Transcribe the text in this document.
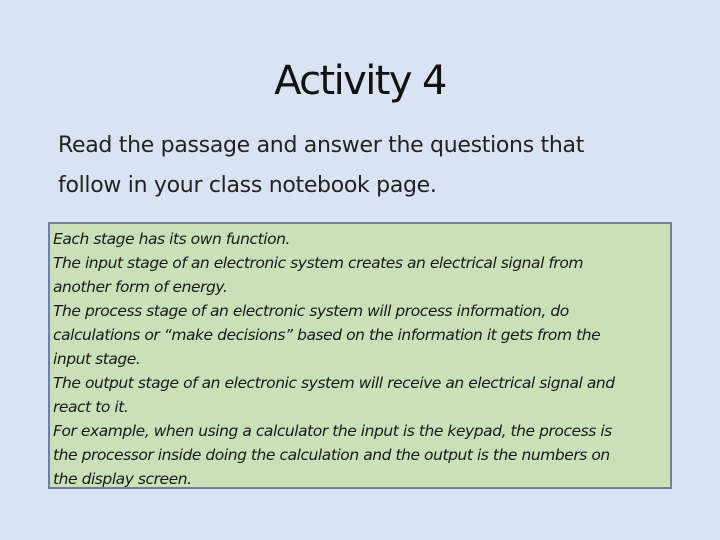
Activity 4
Read the passage and answer the questions that
follow in your class notebook page.
Each stage has its own function.
The input stage of an electronic system creates an electrical signal from
another form of energy.
The process stage of an electronic system will process information, do
calculations or “make decisions” based on the information it gets from the
input stage.
The output stage of an electronic system will receive an electrical signal and
react to it.
For example, when using a calculator the input is the keypad, the process is
the processor inside doing the calculation and the output is the numbers on
the display screen.
